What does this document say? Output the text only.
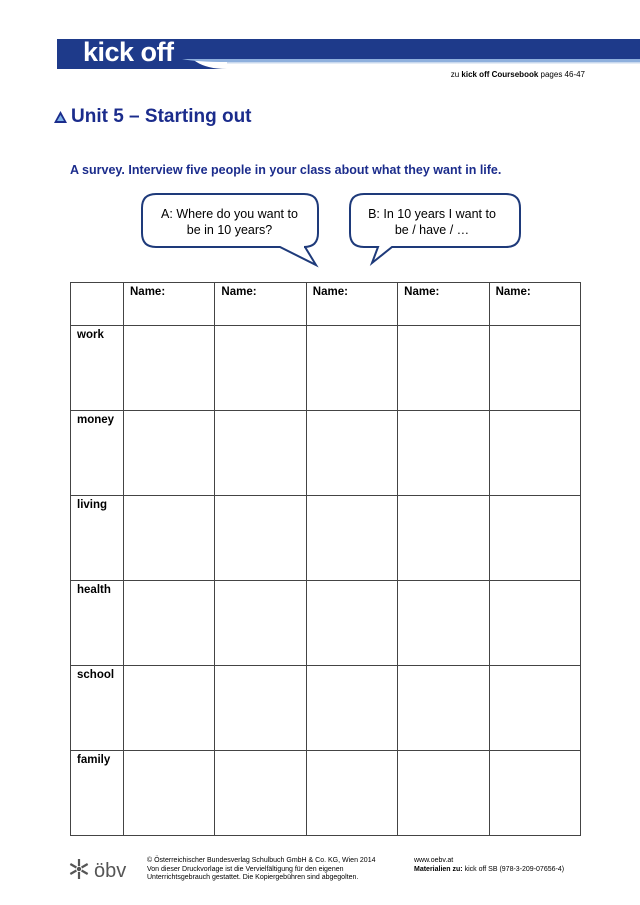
kick off
zu kick off Coursebook pages 46-47
Unit 5 – Starting out
A survey. Interview five people in your class about what they want in life.
A: Where do you want to
be in 10 years?
B: In 10 years I want to
be / have / …
	Name:	Name:	Name:	Name:	Name:
work					
money					
living					
health					
school					
family					
öbv	© Österreichischer Bundesverlag Schulbuch GmbH & Co. KG, Wien 2014
Von dieser Druckvorlage ist die Vervielfältigung für den eigenen
Unterrichtsgebrauch gestattet. Die Kopiergebühren sind abgegolten.
www.oebv.at
Materialien zu: kick off SB (978-3-209-07656-4)
